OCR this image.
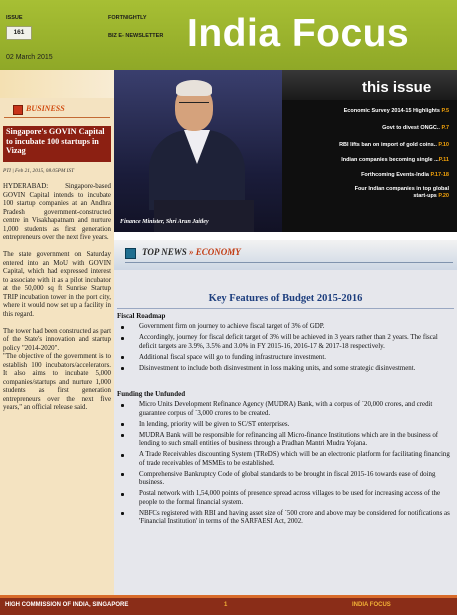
ISSUE
161
FORTNIGHTLY
BIZ E- NEWSLETTER
02 March 2015
India Focus
BUSINESS
Singapore's GOVIN Capital to incubate 100 startups in Vizag
PTI | Feb 21, 2015, 08.05PM IST

HYDERABAD: Singapore-based GOVIN Capital intends to incubate 100 startup companies at an Andhra Pradesh government-constructed centre in Visakhapatnam and nurture 1,000 students as first generation entrepreneurs over the next five years.

The state government on Saturday entered into an MoU with GOVIN Capital, which had expressed interest to associate with it as a pilot incubator at the 50,000 sq ft Sunrise Startup TRIP incubation tower in the port city, where it would now set up a facility in this regard.

The tower had been constructed as part of the State's innovation and startup policy "2014-2020".

"The objective of the government is to establish 100 incubators/accelerators. It also aims to incubate 5,000 companies/startups and nurture 1,000 students as first generation entrepreneurs over the next five years," an official release said.

Finance Minister, Shri Arun Jaitley
this issue
Economic Survey 2014-15 Highlights P.5
Govt to divest ONGC.. P.7
RBI lifts ban on import of gold coins.. P.10
Indian companies becoming single ...P.11
Forthcoming Events-India P.17-18
Four Indian companies in top global start-ups P.20
TOP NEWS » ECONOMY
Key Features of Budget 2015-2016
Fiscal Roadmap
Government firm on journey to achieve fiscal target of 3% of GDP.
Accordingly, journey for fiscal deficit target of 3% will be achieved in 3 years rather than 2 years. The fiscal deficit targets are 3.9%, 3.5% and 3.0% in FY 2015-16, 2016-17 & 2017-18 respectively.
Additional fiscal space will go to funding infrastructure investment.
Disinvestment to include both disinvestment in loss making units, and some strategic disinvestment.
Funding the Unfunded
Micro Units Development Refinance Agency (MUDRA) Bank, with a corpus of `20,000 crores, and credit guarantee corpus of `3,000 crores to be created.
In lending, priority will be given to SC/ST enterprises.
MUDRA Bank will be responsible for refinancing all Micro-finance Institutions which are in the business of lending to such small entities of business through a Pradhan Mantri Mudra Yojana.
A Trade Receivables discounting System (TReDS) which will be an electronic platform for facilitating financing of trade receivables of MSMEs to be established.
Comprehensive Bankruptcy Code of global standards to be brought in fiscal 2015-16 towards ease of doing business.
Postal network with 1,54,000 points of presence spread across villages to be used for increasing access of the people to the formal financial system.
NBFCs registered with RBI and having asset size of `500 crore and above may be considered for notifications as 'Financial Institution' in terms of the SARFAESI Act, 2002.
HIGH COMMISSION OF INDIA, SINGAPORE	1	INDIA FOCUS
